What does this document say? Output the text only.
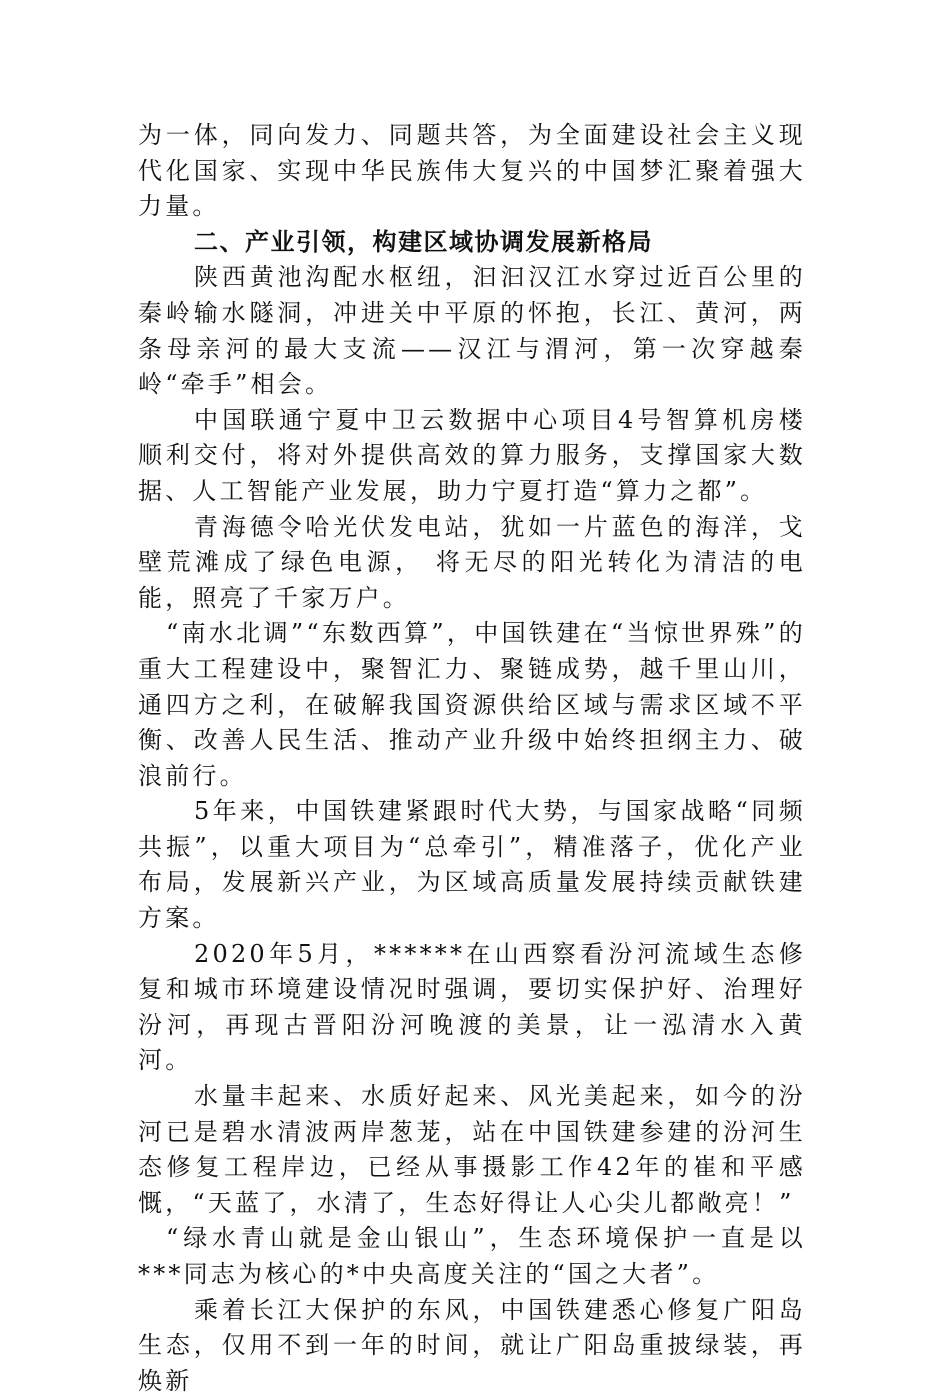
为一体，同向发力、同题共答，为全面建设社会主义现代化国家、实现中华民族伟大复兴的中国梦汇聚着强大力量。

二、产业引领，构建区域协调发展新格局

陕西黄池沟配水枢纽，汩汩汉江水穿过近百公里的秦岭输水隧洞，冲进关中平原的怀抱，长江、黄河，两条母亲河的最大支流——汉江与渭河，第一次穿越秦岭“牵手”相会。

中国联通宁夏中卫云数据中心项目4号智算机房楼顺利交付，将对外提供高效的算力服务，支撑国家大数据、人工智能产业发展，助力宁夏打造“算力之都”。

青海德令哈光伏发电站，犹如一片蓝色的海洋，戈壁荒滩成了绿色电源， 将无尽的阳光转化为清洁的电能，照亮了千家万户。

“南水北调”“东数西算”，中国铁建在“当惊世界殊”的重大工程建设中，聚智汇力、聚链成势，越千里山川，通四方之利，在破解我国资源供给区域与需求区域不平衡、改善人民生活、推动产业升级中始终担纲主力、破浪前行。

5年来，中国铁建紧跟时代大势，与国家战略“同频共振”，以重大项目为“总牵引”，精准落子，优化产业布局，发展新兴产业，为区域高质量发展持续贡献铁建方案。

2020年5月，******在山西察看汾河流域生态修复和城市环境建设情况时强调，要切实保护好、治理好汾河，再现古晋阳汾河晚渡的美景，让一泓清水入黄河。

水量丰起来、水质好起来、风光美起来，如今的汾河已是碧水清波两岸葱茏，站在中国铁建参建的汾河生态修复工程岸边，已经从事摄影工作42年的崔和平感慨，“天蓝了，水清了，生态好得让人心尖儿都敞亮！”

“绿水青山就是金山银山”，生态环境保护一直是以***同志为核心的*中央高度关注的“国之大者”。

乘着长江大保护的东风，中国铁建悉心修复广阳岛生态，仅用不到一年的时间，就让广阳岛重披绿装，再焕新
